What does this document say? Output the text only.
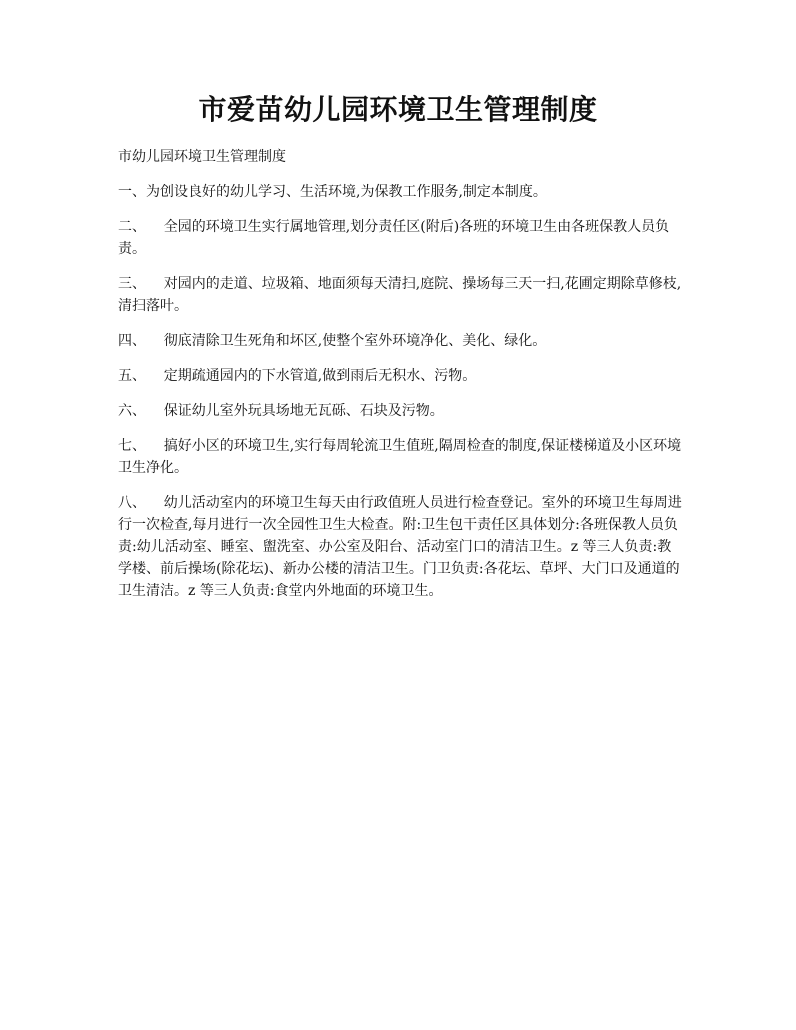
市爱苗幼儿园环境卫生管理制度

市幼儿园环境卫生管理制度

一、为创设良好的幼儿学习、生活环境,为保教工作服务,制定本制度。

二、    全园的环境卫生实行属地管理,划分责任区(附后)各班的环境卫生由各班保教人员负责。

三、    对园内的走道、垃圾箱、地面须每天清扫,庭院、操场每三天一扫,花圃定期除草修枝,清扫落叶。

四、    彻底清除卫生死角和坏区,使整个室外环境净化、美化、绿化。

五、    定期疏通园内的下水管道,做到雨后无积水、污物。

六、    保证幼儿室外玩具场地无瓦砾、石块及污物。

七、    搞好小区的环境卫生,实行每周轮流卫生值班,隔周检查的制度,保证楼梯道及小区环境卫生净化。

八、    幼儿活动室内的环境卫生每天由行政值班人员进行检查登记。室外的环境卫生每周进行一次检查,每月进行一次全园性卫生大检查。附:卫生包干责任区具体划分:各班保教人员负责:幼儿活动室、睡室、盥洗室、办公室及阳台、活动室门口的清洁卫生。z 等三人负责:教学楼、前后操场(除花坛)、新办公楼的清洁卫生。门卫负责:各花坛、草坪、大门口及通道的卫生清洁。z 等三人负责:食堂内外地面的环境卫生。
